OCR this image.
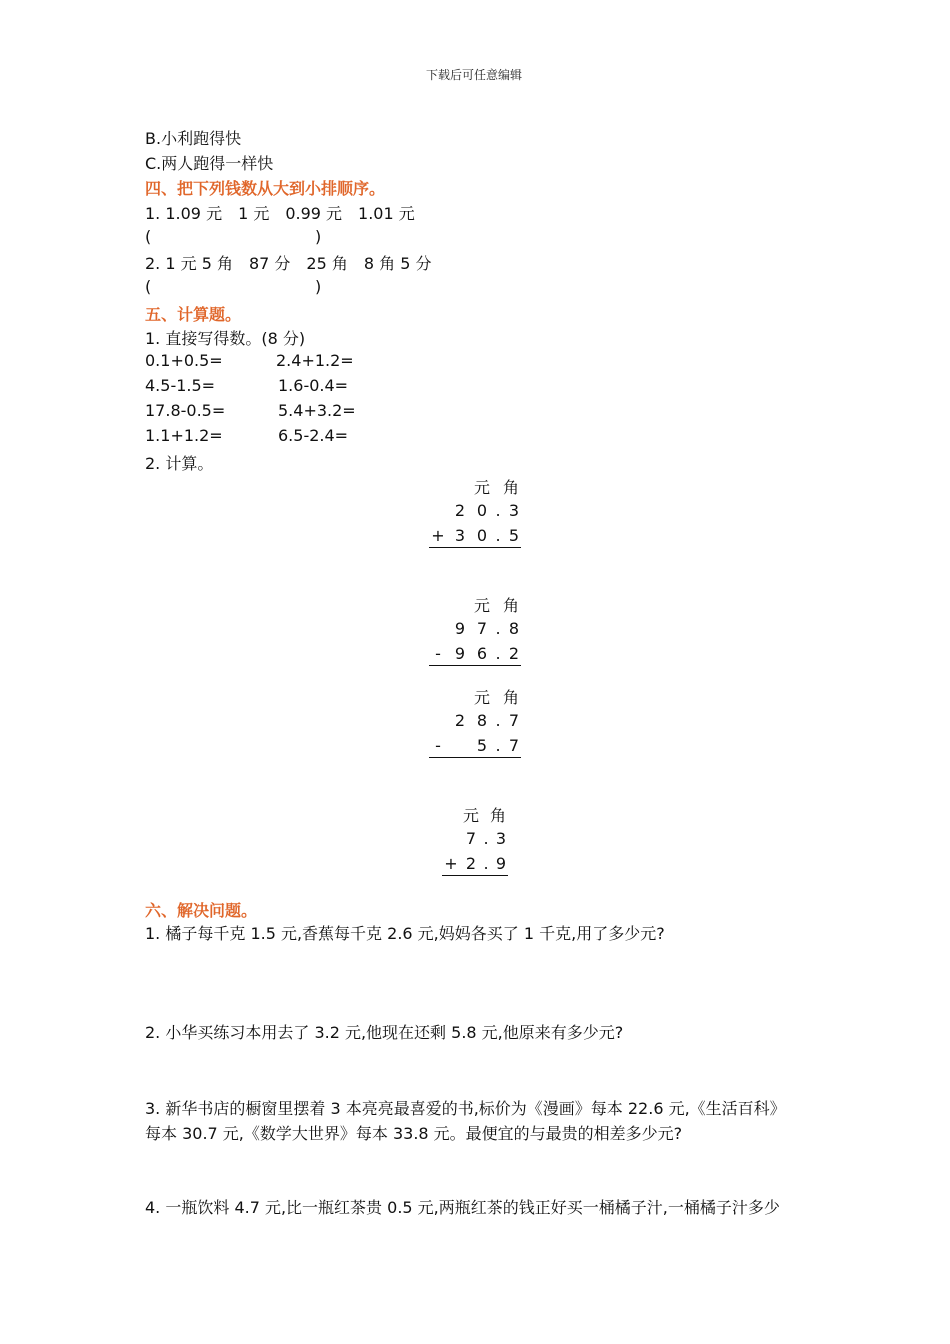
下载后可任意编辑
B.小利跑得快
C.两人跑得一样快
四、把下列钱数从大到小排顺序。
1. 1.09 元　1 元　0.99 元　1.01 元
(	)
2. 1 元 5 角　87 分　25 角　8 角 5 分
(	)
五、计算题。
1. 直接写得数。(8 分)
0.1+0.5=	2.4+1.2=
4.5-1.5=	1.6-0.4=
17.8-0.5=	5.4+3.2=
1.1+1.2=	6.5-2.4=
2. 计算。
元 角
2 0 . 3
+ 3 0 . 5
元 角
9 7 . 8
- 9 6 . 2
元 角
2 8 . 7
-	5 . 7
元 角
7 . 3
+ 2 . 9
六、解决问题。
1. 橘子每千克 1.5 元,香蕉每千克 2.6 元,妈妈各买了 1 千克,用了多少元?
2. 小华买练习本用去了 3.2 元,他现在还剩 5.8 元,他原来有多少元?
3. 新华书店的橱窗里摆着 3 本亮亮最喜爱的书,标价为《漫画》每本 22.6 元,《生活百科》
每本 30.7 元,《数学大世界》每本 33.8 元。最便宜的与最贵的相差多少元?
4. 一瓶饮料 4.7 元,比一瓶红茶贵 0.5 元,两瓶红茶的钱正好买一桶橘子汁,一桶橘子汁多少
